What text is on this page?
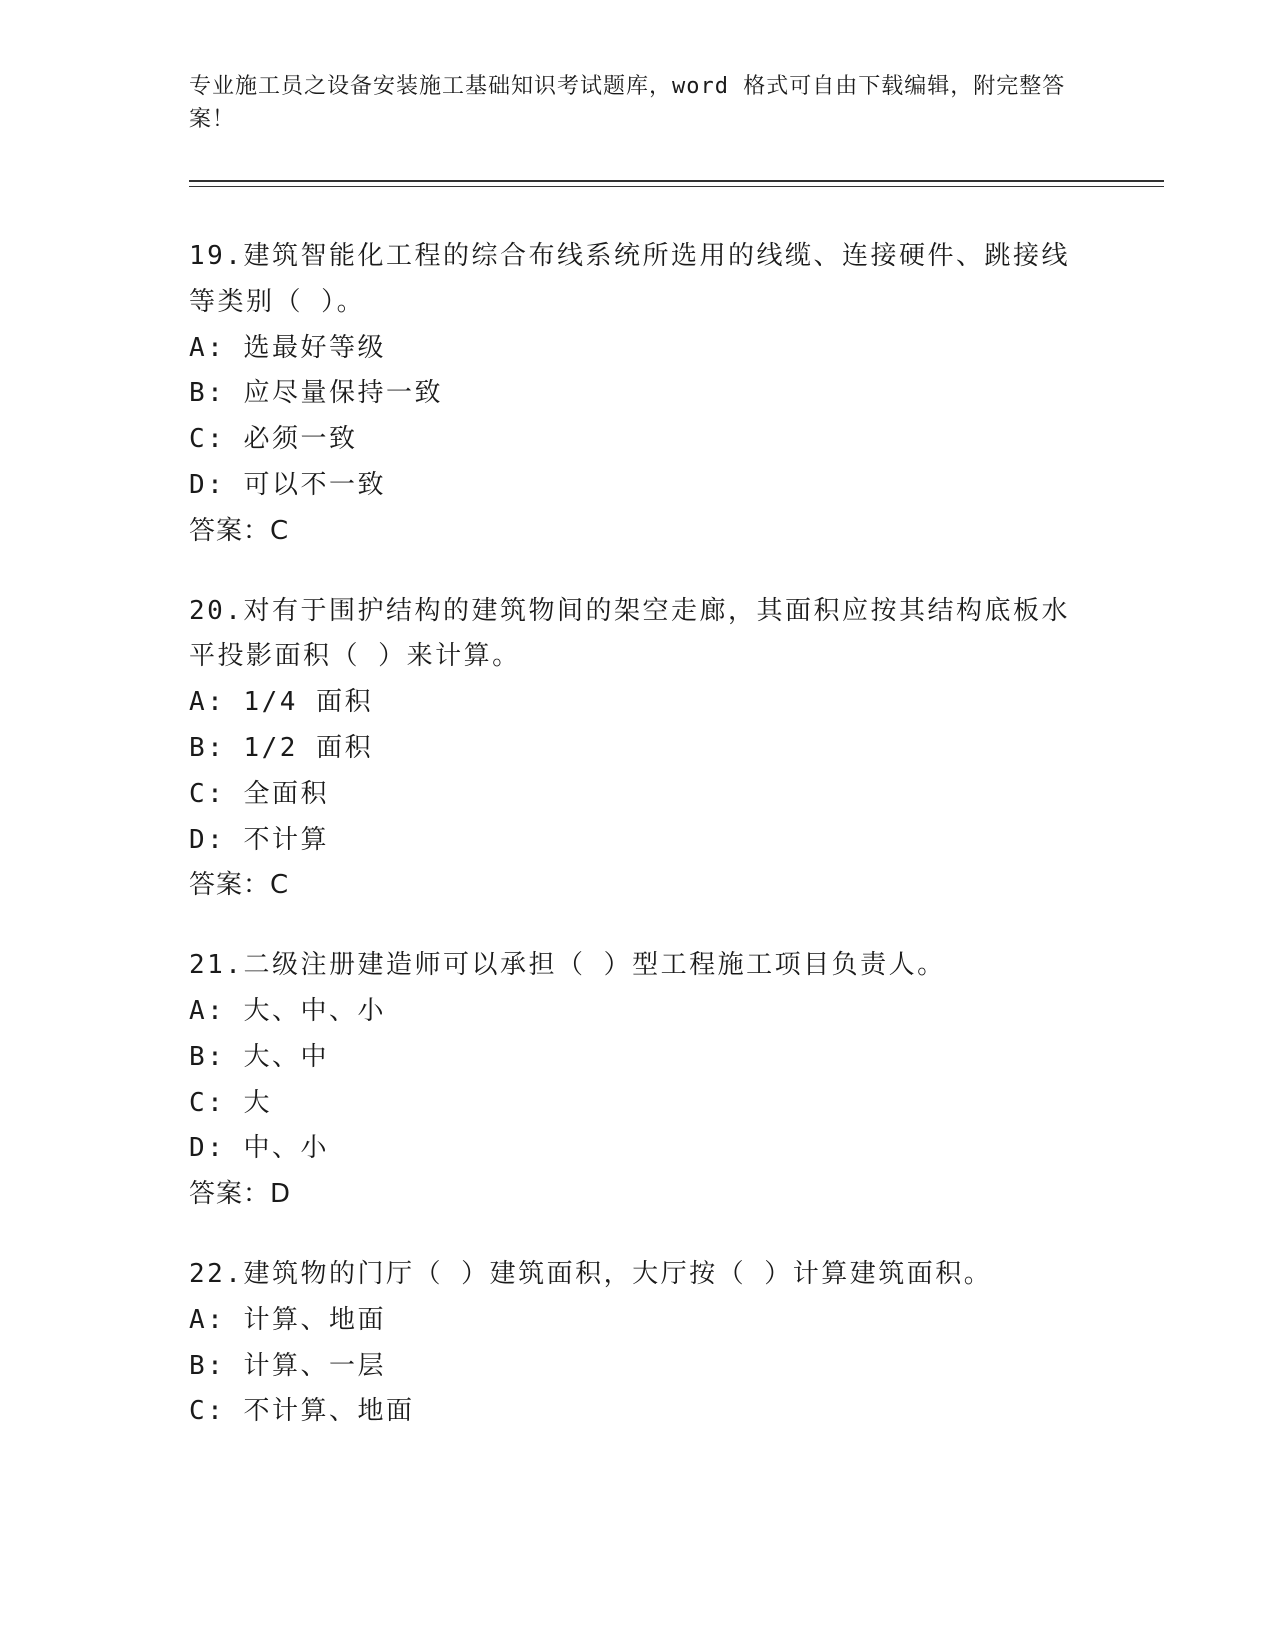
专业施工员之设备安装施工基础知识考试题库，word 格式可自由下载编辑，附完整答案！
19.建筑智能化工程的综合布线系统所选用的线缆、连接硬件、跳接线等类别（ ）。
A: 选最好等级
B: 应尽量保持一致
C: 必须一致
D: 可以不一致
答案：C
20.对有于围护结构的建筑物间的架空走廊，其面积应按其结构底板水平投影面积（ ）来计算。
A: 1/4 面积
B: 1/2 面积
C: 全面积
D: 不计算
答案：C
21.二级注册建造师可以承担（ ）型工程施工项目负责人。
A: 大、中、小
B: 大、中
C: 大
D: 中、小
答案：D
22.建筑物的门厅（ ）建筑面积，大厅按（ ）计算建筑面积。
A: 计算、地面
B: 计算、一层
C: 不计算、地面
